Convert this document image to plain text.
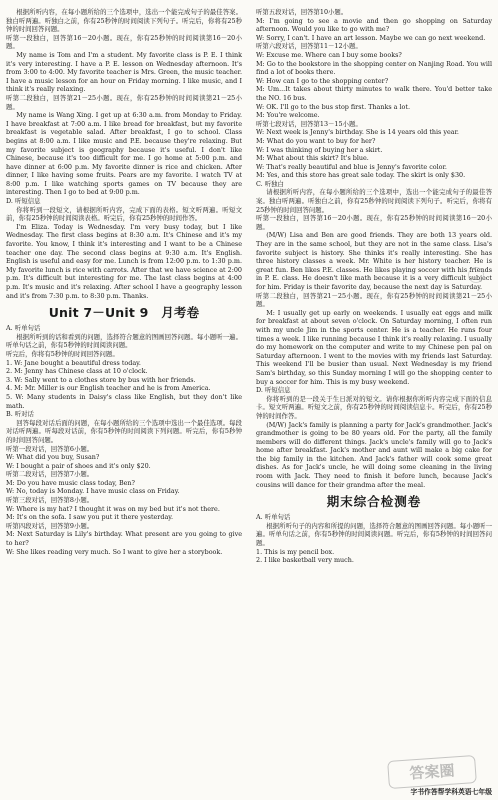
根据所听内容，在每小题所给的三个选项中，选出一个能完成句子的最佳答案。独白听两遍。听独白之前，你有25秒钟的时间阅读下列句子。听完后，你将有25秒钟的时间回答问题。

听第一段独白，回答第16－20小题。现在，你有25秒钟的时间阅读第16－20小题。

My name is Tom and I'm a student. My favorite class is P. E. I think it's very interesting. I have a P. E. lesson on Wednesday afternoon. It's from 3:00 to 4:00. My favorite teacher is Mrs. Green, the music teacher. I have a music lesson for an hour on Friday morning. I like music, and I think it's really relaxing.

听第二段独白，回答第21－25小题。现在，你有25秒钟的时间阅读第21－25小题。

My name is Wang Xing. I get up at 6:30 a.m. from Monday to Friday. I have breakfast at 7:00 a.m. I like bread for breakfast, but my favorite breakfast is vegetable salad. After breakfast, I go to school. Class begins at 8:00 a.m. I like music and P.E. because they're relaxing. But my favorite subject is geography because it's useful. I don't like Chinese, because it's too difficult for me. I go home at 5:00 p.m. and have dinner at 6:00 p.m. My favorite dinner is rice and chicken. After dinner, I like having some fruits. Pears are my favorite. I watch TV at 8:00 p.m. I like watching sports games on TV because they are interesting. Then I go to bed at 9:00 p.m.

D. 听短信息

你将听到一段短文，请根据所听内容，完成下面的表格。短文听两遍。听短文前，你有25秒钟的时间阅读表格。听完后，你有25秒钟的时间作答。

I'm Eliza. Today is Wednesday. I'm very busy today, but I like Wednesday. The first class begins at 8:30 a.m. It's Chinese and it's my favorite. You know, I think it's interesting and I want to be a Chinese teacher one day. The second class begins at 9:30 a.m. It's English. English is useful and easy for me. Lunch is from 12:00 p.m. to 1:30 p.m. My favorite lunch is rice with carrots. After that we have science at 2:00 p.m. It's difficult but interesting for me. The last class begins at 4:00 p.m. It's music and it's relaxing. After school I have a geography lesson and it's from 7:30 p.m. to 8:30 p.m. Thanks.

Unit 7－Unit 9　月考卷

A. 听单句话

根据所听到的话和看到的问题，选择符合题意的图画回答问题。每小题听一遍。听单句话之前，你有5秒钟的时间阅读问题。

听完后，你将有5秒钟的时间回答问题。

1. W: Jane bought a beautiful dress today.

2. M: Jenny has Chinese class at 10 o'clock.

3. W: Sally went to a clothes store by bus with her friends.

4. M: Mr. Miller is our English teacher and he is from America.

5. W: Many students in Daisy's class like English, but they don't like math.

B. 听对话

回答每段对话后面的问题，在每小题所给的三个选项中选出一个最佳选项。每段对话听两遍。听每段对话前，你有5秒钟的时间阅读下列问题。听完后，你有5秒钟的时间回答问题。

听第一段对话，回答第6小题。

W: What did you buy, Susan?

W: I bought a pair of shoes and it's only $20.

听第二段对话，回答第7小题。

M: Do you have music class today, Ben?

W: No, today is Monday. I have music class on Friday.

听第三段对话，回答第8小题。

W: Where is my hat? I thought it was on my bed but it's not there.

M: It's on the sofa. I saw you put it there yesterday.

听第四段对话，回答第9小题。

M: Next Saturday is Lily's birthday. What present are you going to give to her?

W: She likes reading very much. So I want to give her a storybook.

听第五段对话，回答第10小题。

M: I'm going to see a movie and then go shopping on Saturday afternoon. Would you like to go with me?

W: Sorry, I can't. I have an art lesson. Maybe we can go next weekend.

听第六段对话，回答第11－12小题。

W: Excuse me. Where can I buy some books?

M: Go to the bookstore in the shopping center on Nanjing Road. You will find a lot of books there.

W: How can I go to the shopping center?

M: Um...It takes about thirty minutes to walk there. You'd better take the NO. 16 bus.

W: OK. I'll go to the bus stop first. Thanks a lot.

M: You're welcome.

听第七段对话，回答第13－15小题。

W: Next week is Jenny's birthday. She is 14 years old this year.

M: What do you want to buy for her?

W: I was thinking of buying her a skirt.

M: What about this skirt? It's blue.

W: That's really beautiful and blue is Jenny's favorite color.

M: Yes, and this store has great sale today. The skirt is only $30.

C. 听独白

请根据所听内容，在每小题所给的三个选项中，选出一个能完成句子的最佳答案。独白听两遍。听独白之前，你有25秒钟的时间阅读下列句子。听完后，你将有25秒钟的时间回答问题。

听第一段独白，回答第16－20小题。现在，你有25秒钟的时间阅读第16－20小题。

(M/W) Lisa and Ben are good friends. They are both 13 years old. They are in the same school, but they are not in the same class. Lisa's favorite subject is history. She thinks it's really interesting. She has three history classes a week. Mr. White is her history teacher. He is great fun. Ben likes P.E. classes. He likes playing soccer with his friends in P. E. class. He doesn't like math because it is a very difficult subject for him. Friday is their favorite day, because the next day is Saturday.

听第二段独白，回答第21－25小题。现在，你有25秒钟的时间阅读第21－25小题。

M: I usually get up early on weekends. I usually eat eggs and milk for breakfast at about seven o'clock. On Saturday morning, I often run with my uncle Jim in the sports center. He is a teacher. He runs four times a week. I like running because I think it's really relaxing. I usually do my homework on the computer and write to my Chinese pen pal on Saturday afternoon. I went to the movies with my friends last Saturday. This weekend I'll be busier than usual. Next Wednesday is my friend Sam's birthday, so this Sunday morning I will go the shopping center to buy a soccer for him. This is my busy weekend.

D. 听短信息

你将听到的是一段关于生日派对的短文。请你根据你所听内容完成下面的信息卡。短文听两遍。听短文之前，你有25秒钟的时间阅读信息卡。听完后，你有25秒钟的时间作答。

(M/W) Jack's family is planning a party for Jack's grandmother. Jack's grandmother is going to be 80 years old. For the party, all the family members will do different things. Jack's uncle's family will go to Jack's home after breakfast. Jack's mother and aunt will make a big cake for the big family in the kitchen. And Jack's father will cook some great dishes. As for Jack's uncle, he will doing some cleaning in the living room with Jack. They need to finish it before lunch, because Jack's cousins will dance for their grandma after the meal.

期末综合检测卷

A. 听单句话

根据所听句子的内容和所提的问题，选择符合题意的图画回答问题。每小题听一遍。听单句话之前，你有5秒钟的时间阅读问题。听完后，你有5秒钟的时间回答问题。

1. This is my pencil box.

2. I like basketball very much.

答案圈
字书作答帮学科英语七年级
